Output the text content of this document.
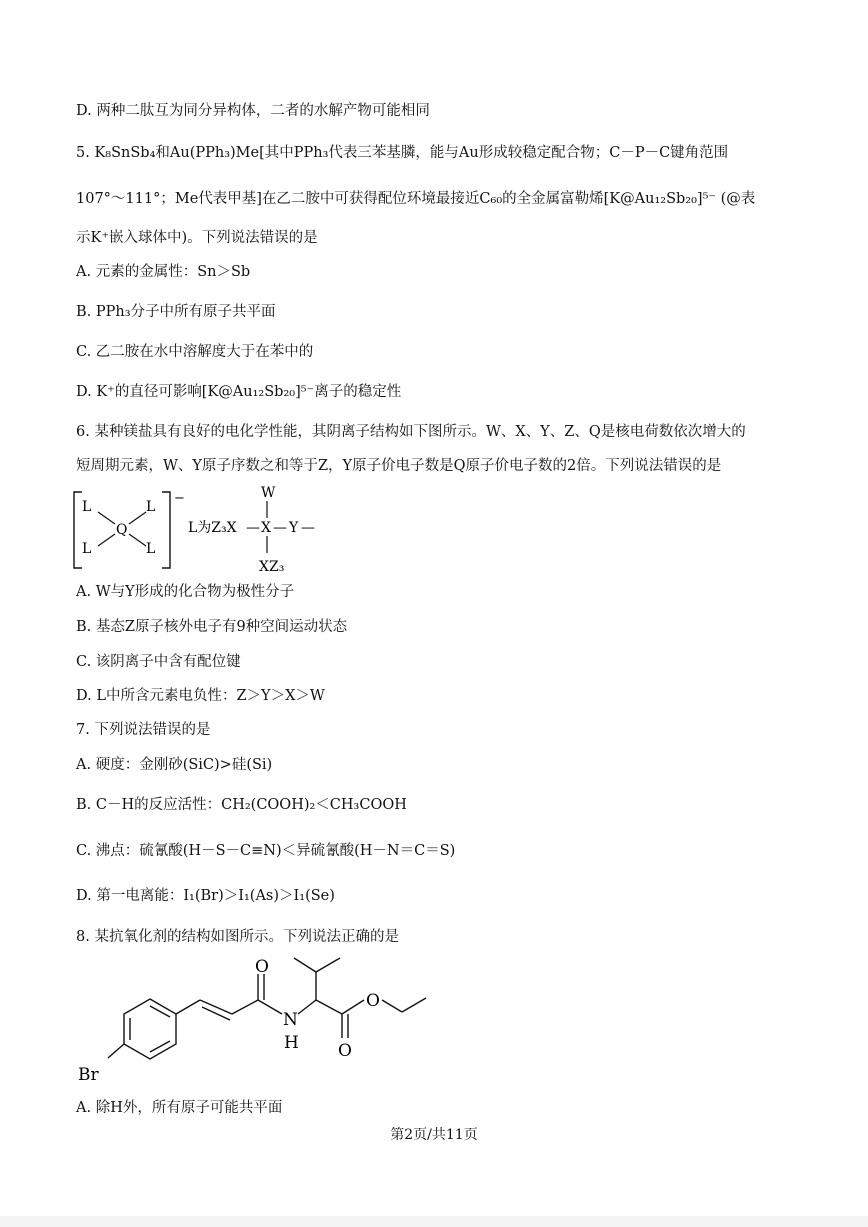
D. 两种二肽互为同分异构体，二者的水解产物可能相同
5. K₈SnSb₄和Au(PPh₃)Me[其中PPh₃代表三苯基膦，能与Au形成较稳定配合物；C－P－C键角范围
107°～111°；Me代表甲基]在乙二胺中可获得配位环境最接近C₆₀的全金属富勒烯[K@Au₁₂Sb₂₀]⁵⁻ (@表
示K⁺嵌入球体中)。下列说法错误的是
A. 元素的金属性：Sn＞Sb
B. PPh₃分子中所有原子共平面
C. 乙二胺在水中溶解度大于在苯中的
D. K⁺的直径可影响[K@Au₁₂Sb₂₀]⁵⁻离子的稳定性
6. 某种镁盐具有良好的电化学性能，其阴离子结构如下图所示。W、X、Y、Z、Q是核电荷数依次增大的
短周期元素，W、Y原子序数之和等于Z，Y原子价电子数是Q原子价电子数的2倍。下列说法错误的是
−
L	L
Q
L	L
L为Z₃X — X — Y —
W
XZ₃
A. W与Y形成的化合物为极性分子
B. 基态Z原子核外电子有9种空间运动状态
C. 该阴离子中含有配位键
D. L中所含元素电负性：Z＞Y＞X＞W
7. 下列说法错误的是
A. 硬度：金刚砂(SiC)>硅(Si)
B. C－H的反应活性：CH₂(COOH)₂＜CH₃COOH
C. 沸点：硫氰酸(H－S－C≡N)＜异硫氰酸(H－N＝C＝S)
D. 第一电离能：I₁(Br)＞I₁(As)＞I₁(Se)
8. 某抗氧化剂的结构如图所示。下列说法正确的是
Br
O
N
H
O
O
A. 除H外，所有原子可能共平面
第2页/共11页
